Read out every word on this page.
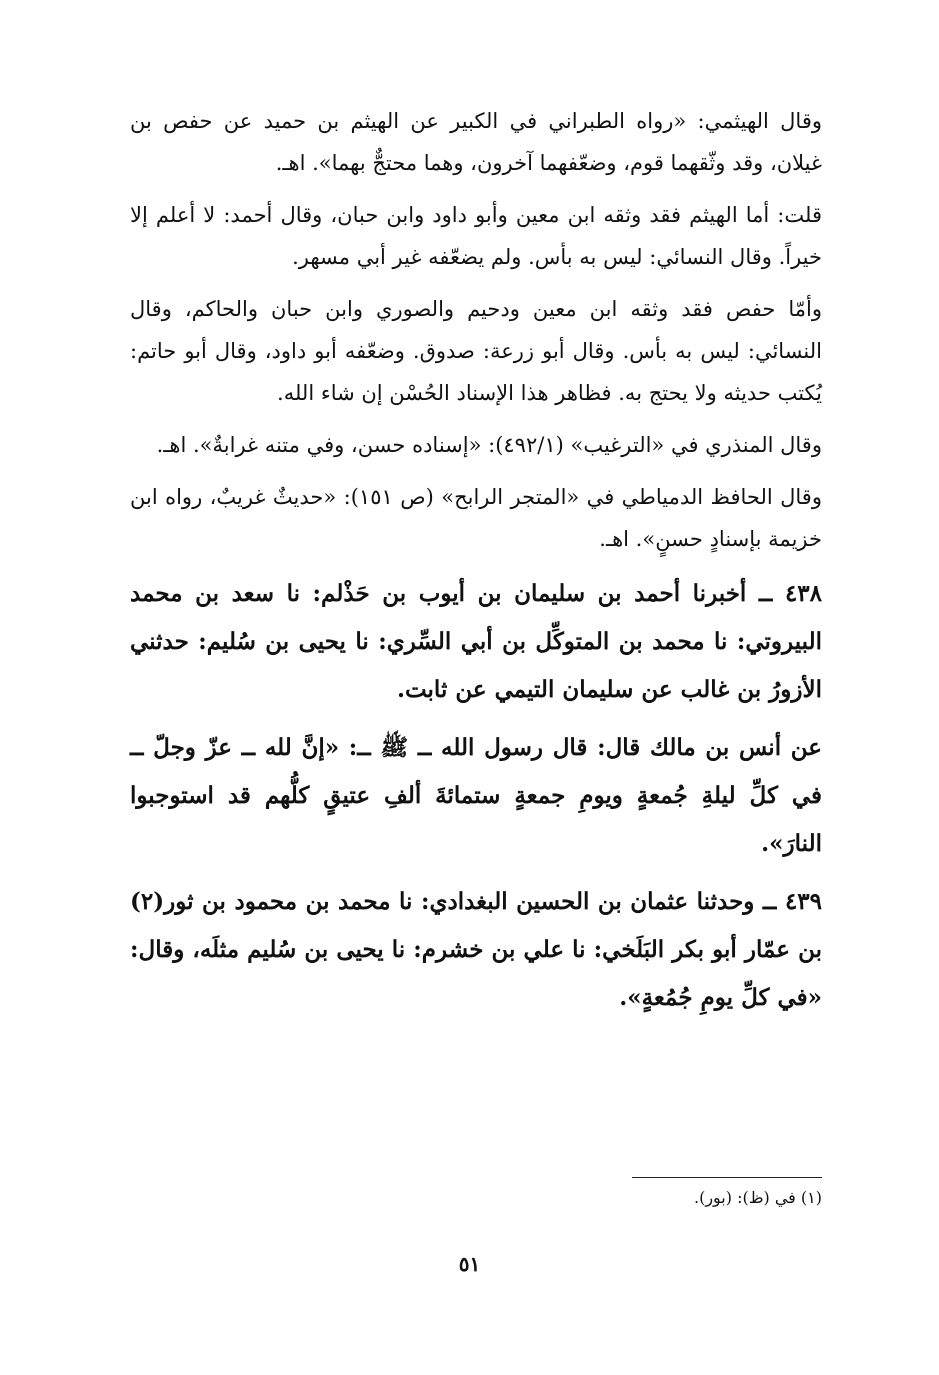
وقال الهيثمي: «رواه الطبراني في الكبير عن الهيثم بن حميد عن حفص بن غيلان، وقد وثّقهما قوم، وضعّفهما آخرون، وهما محتجٌّ بهما». اهـ.

قلت: أما الهيثم فقد وثقه ابن معين وأبو داود وابن حبان، وقال أحمد: لا أعلم إلا خيراً. وقال النسائي: ليس به بأس. ولم يضعّفه غير أبي مسهر.

وأمّا حفص فقد وثقه ابن معين ودحيم والصوري وابن حبان والحاكم، وقال النسائي: ليس به بأس. وقال أبو زرعة: صدوق. وضعّفه أبو داود، وقال أبو حاتم: يُكتب حديثه ولا يحتج به. فظاهر هذا الإسناد الحُسْن إن شاء الله.

وقال المنذري في «الترغيب» (٤٩٢/١): «إسناده حسن، وفي متنه غرابةٌ». اهـ.

وقال الحافظ الدمياطي في «المتجر الرابح» (ص ١٥١): «حديثٌ غريبٌ، رواه ابن خزيمة بإسنادٍ حسنٍ». اهـ.

٤٣٨ ــ أخبرنا أحمد بن سليمان بن أيوب بن حَذْلم: نا سعد بن محمد البيروتي: نا محمد بن المتوكِّل بن أبي السِّري: نا يحيى بن سُليم: حدثني الأزورُ بن غالب عن سليمان التيمي عن ثابت.

عن أنس بن مالك قال: قال رسول الله ــ ﷺ ــ: «إنَّ لله ــ عزّ وجلّ ــ في كلِّ ليلةِ جُمعةٍ ويومِ جمعةٍ ستمائةَ ألفِ عتيقٍ كلُّهم قد استوجبوا النارَ».

٤٣٩ ــ وحدثنا عثمان بن الحسين البغدادي: نا محمد بن محمود بن ثور(٢) بن عمّار أبو بكر البَلَخي: نا علي بن خشرم: نا يحيى بن سُليم مثلَه، وقال: «في كلِّ يومِ جُمُعةٍ».

(١) في (ظ): (بور).
٥١
